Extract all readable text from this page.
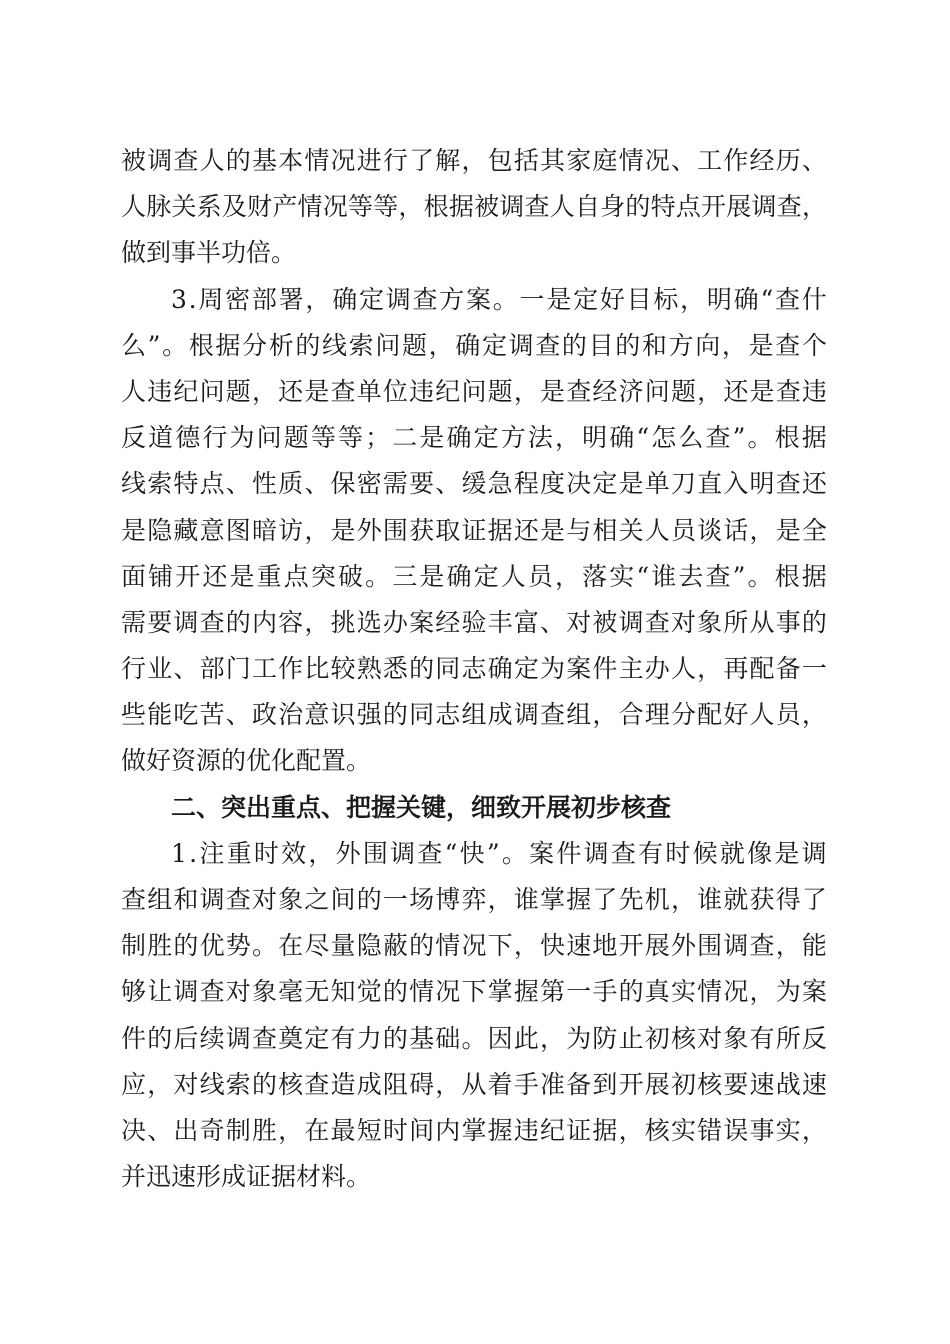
被 调 查 人 的 基 本 情 况 进 行 了 解 ， 包 括 其 家 庭 情 况 、 工 作 经 历 、
人 脉 关 系 及 财 产 情 况 等 等 ， 根 据 被 调 查 人 自 身 的 特 点 开 展 调 查 ，
做到事半功倍。
3 . 周 密 部 署 ， 确 定 调 查 方 案 。 一 是 定 好 目 标 ， 明 确 “ 查 什
么 ” 。 根 据 分 析 的 线 索 问 题 ， 确 定 调 查 的 目 的 和 方 向 ， 是 查 个
人 违 纪 问 题 ， 还 是 查 单 位 违 纪 问 题 ， 是 查 经 济 问 题 ， 还 是 查 违
反 道 德 行 为 问 题 等 等 ； 二 是 确 定 方 法 ， 明 确 “ 怎 么 查 ” 。 根 据
线 索 特 点 、 性 质 、 保 密 需 要 、 缓 急 程 度 决 定 是 单 刀 直 入 明 查 还
是 隐 藏 意 图 暗 访 ， 是 外 围 获 取 证 据 还 是 与 相 关 人 员 谈 话 ， 是 全
面 铺 开 还 是 重 点 突 破 。 三 是 确 定 人 员 ， 落 实 “ 谁 去 查 ” 。 根 据
需 要 调 查 的 内 容 ， 挑 选 办 案 经 验 丰 富 、 对 被 调 查 对 象 所 从 事 的
行 业 、 部 门 工 作 比 较 熟 悉 的 同 志 确 定 为 案 件 主 办 人 ， 再 配 备 一
些 能 吃 苦 、 政 治 意 识 强 的 同 志 组 成 调 查 组 ， 合 理 分 配 好 人 员 ，
做好资源的优化配置。
二、突出重点、把握关键，细致开展初步核查
1 . 注 重 时 效 ， 外 围 调 查 “ 快 ” 。 案 件 调 查 有 时 候 就 像 是 调
查 组 和 调 查 对 象 之 间 的 一 场 博 弈 ， 谁 掌 握 了 先 机 ， 谁 就 获 得 了
制 胜 的 优 势 。 在 尽 量 隐 蔽 的 情 况 下 ， 快 速 地 开 展 外 围 调 查 ， 能
够 让 调 查 对 象 毫 无 知 觉 的 情 况 下 掌 握 第 一 手 的 真 实 情 况 ， 为 案
件 的 后 续 调 查 奠 定 有 力 的 基 础 。 因 此 ， 为 防 止 初 核 对 象 有 所 反
应 ， 对 线 索 的 核 查 造 成 阻 碍 ， 从 着 手 准 备 到 开 展 初 核 要 速 战 速
决 、 出 奇 制 胜 ， 在 最 短 时 间 内 掌 握 违 纪 证 据 ， 核 实 错 误 事 实 ，
并迅速形成证据材料。
